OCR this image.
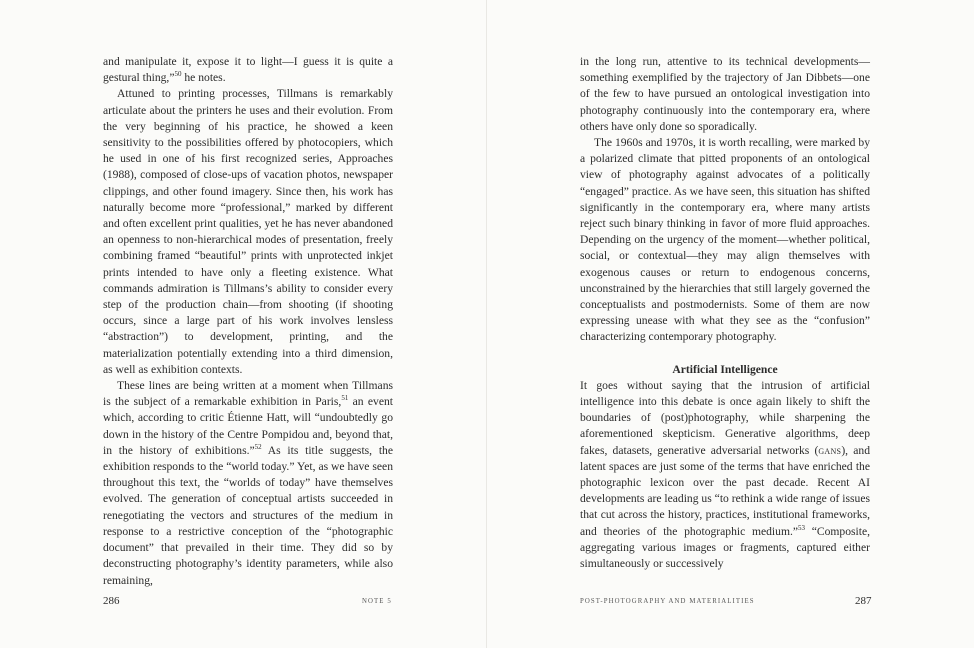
and manipulate it, expose it to light—I guess it is quite a gestural thing,”$^{50}$ he notes.

Attuned to printing processes, Tillmans is remarkably articulate about the printers he uses and their evolution. From the very beginning of his practice, he showed a keen sensitivity to the possibilities offered by photocopiers, which he used in one of his first recognized series, Approaches (1988), composed of close-ups of vacation photos, newspaper clippings, and other found imagery. Since then, his work has naturally become more “professional,” marked by different and often excellent print qualities, yet he has never abandoned an openness to non-hierarchical modes of presentation, freely combining framed “beautiful” prints with unprotected inkjet prints intended to have only a fleeting existence. What commands admiration is Tillmans’s ability to consider every step of the production chain—from shooting (if shooting occurs, since a large part of his work involves lensless “abstraction”) to development, printing, and the materialization potentially extending into a third dimension, as well as exhibition contexts.

These lines are being written at a moment when Tillmans is the subject of a remarkable exhibition in Paris,$^{51}$ an event which, according to critic Étienne Hatt, will “undoubtedly go down in the history of the Centre Pompidou and, beyond that, in the history of exhibitions.”$^{52}$ As its title suggests, the exhibition responds to the “world today.” Yet, as we have seen throughout this text, the “worlds of today” have themselves evolved. The generation of conceptual artists succeeded in renegotiating the vectors and structures of the medium in response to a restrictive conception of the “photographic document” that prevailed in their time. They did so by deconstructing photography’s identity parameters, while also remaining,

286	NOTE 5

in the long run, attentive to its technical developments—something exemplified by the trajectory of Jan Dibbets—one of the few to have pursued an ontological investigation into photography continuously into the contemporary era, where others have only done so sporadically.

The 1960s and 1970s, it is worth recalling, were marked by a polarized climate that pitted proponents of an ontological view of photography against advocates of a politically “engaged” practice. As we have seen, this situation has shifted significantly in the contemporary era, where many artists reject such binary thinking in favor of more fluid approaches. Depending on the urgency of the moment—whether political, social, or contextual—they may align themselves with exogenous causes or return to endogenous concerns, unconstrained by the hierarchies that still largely governed the conceptualists and postmodernists. Some of them are now expressing unease with what they see as the “confusion” characterizing contemporary photography.

Artificial Intelligence

It goes without saying that the intrusion of artificial intelligence into this debate is once again likely to shift the boundaries of (post)photography, while sharpening the aforementioned skepticism. Generative algorithms, deep fakes, datasets, generative adversarial networks (gans), and latent spaces are just some of the terms that have enriched the photographic lexicon over the past decade. Recent AI developments are leading us “to rethink a wide range of issues that cut across the history, practices, institutional frameworks, and theories of the photographic medium.”$^{53}$ “Composite, aggregating various images or fragments, captured either simultaneously or successively

POST-PHOTOGRAPHY AND MATERIALITIES	287
